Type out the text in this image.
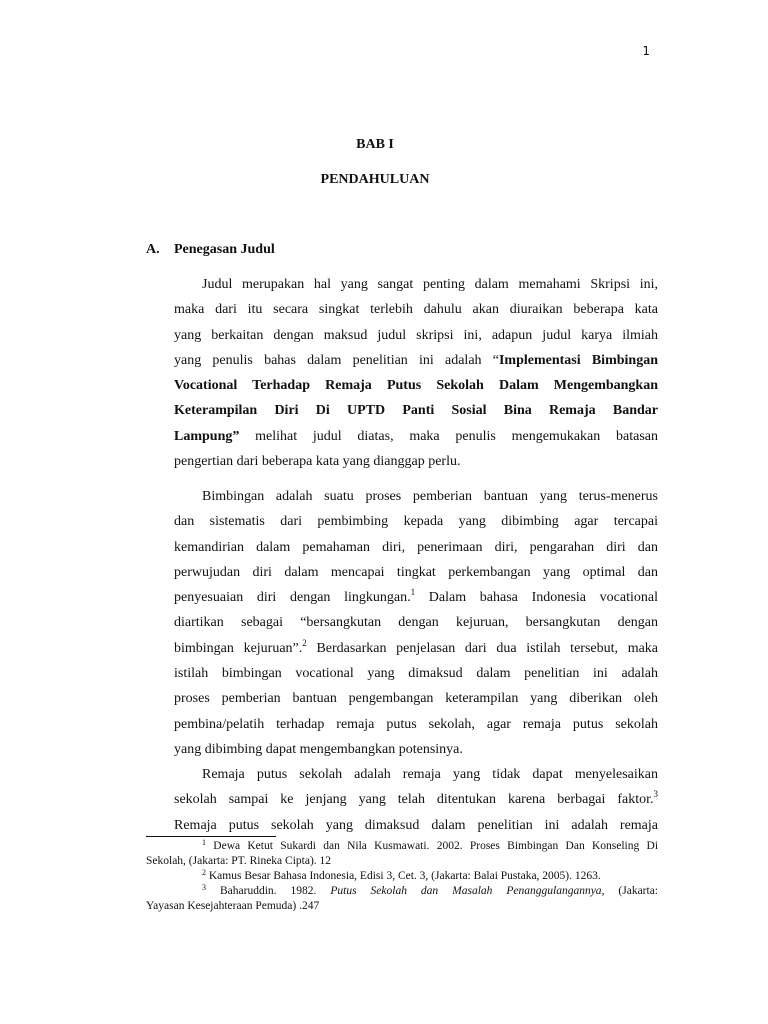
1
BAB I
PENDAHULUAN
A. Penegasan Judul
Judul merupakan hal yang sangat penting dalam memahami Skripsi ini,
maka dari itu secara singkat terlebih dahulu akan diuraikan beberapa kata
yang berkaitan dengan maksud judul skripsi ini, adapun judul karya ilmiah
yang penulis bahas dalam penelitian ini adalah “Implementasi Bimbingan
Vocational Terhadap Remaja Putus Sekolah Dalam Mengembangkan
Keterampilan Diri Di UPTD Panti Sosial Bina Remaja Bandar
Lampung” melihat judul diatas, maka penulis mengemukakan batasan
pengertian dari beberapa kata yang dianggap perlu.
Bimbingan adalah suatu proses pemberian bantuan yang terus-menerus
dan sistematis dari pembimbing kepada yang dibimbing agar tercapai
kemandirian dalam pemahaman diri, penerimaan diri, pengarahan diri dan
perwujudan diri dalam mencapai tingkat perkembangan yang optimal dan
penyesuaian diri dengan lingkungan.$^1$ Dalam bahasa Indonesia vocational
diartikan sebagai “bersangkutan dengan kejuruan, bersangkutan dengan
bimbingan kejuruan”.$^2$ Berdasarkan penjelasan dari dua istilah tersebut, maka
istilah bimbingan vocational yang dimaksud dalam penelitian ini adalah
proses pemberian bantuan pengembangan keterampilan yang diberikan oleh
pembina/pelatih terhadap remaja putus sekolah, agar remaja putus sekolah
yang dibimbing dapat mengembangkan potensinya.
Remaja putus sekolah adalah remaja yang tidak dapat menyelesaikan
sekolah sampai ke jenjang yang telah ditentukan karena berbagai faktor.$^3$
Remaja putus sekolah yang dimaksud dalam penelitian ini adalah remaja
$^1$ Dewa Ketut Sukardi dan Nila Kusmawati. 2002. Proses Bimbingan Dan Konseling Di
Sekolah, (Jakarta: PT. Rineka Cipta). 12
$^2$ Kamus Besar Bahasa Indonesia, Edisi 3, Cet. 3, (Jakarta: Balai Pustaka, 2005). 1263.
$^3$ Baharuddin. 1982. Putus Sekolah dan Masalah Penanggulangannya, (Jakarta:
Yayasan Kesejahteraan Pemuda) .247
